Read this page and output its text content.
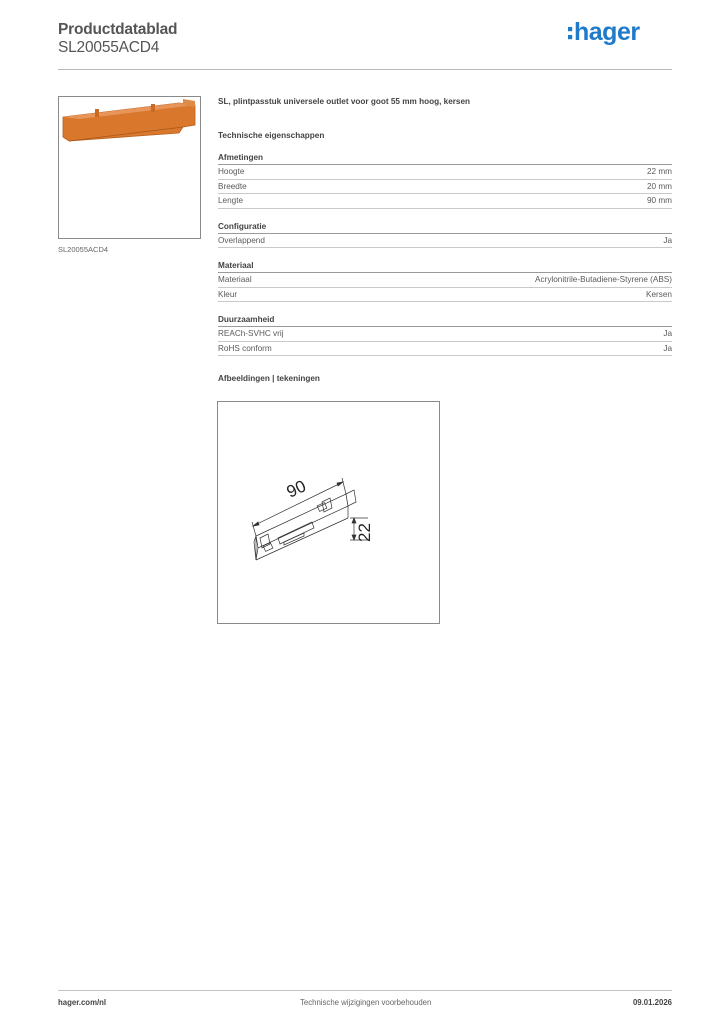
Productdatablad
SL20055ACD4
hager
SL20055ACD4
SL, plintpasstuk universele outlet voor goot 55 mm hoog, kersen
Technische eigenschappen
Afmetingen
Hoogte	22 mm
Breedte	20 mm
Lengte	90 mm
Configuratie
Overlappend	Ja
Materiaal
Materiaal	Acrylonitrile-Butadiene-Styrene (ABS)
Kleur	Kersen
Duurzaamheid
REACh-SVHC vrij	Ja
RoHS conform	Ja
Afbeeldingen | tekeningen
90
22
hager.com/nl	Technische wijzigingen voorbehouden	09.01.2026
